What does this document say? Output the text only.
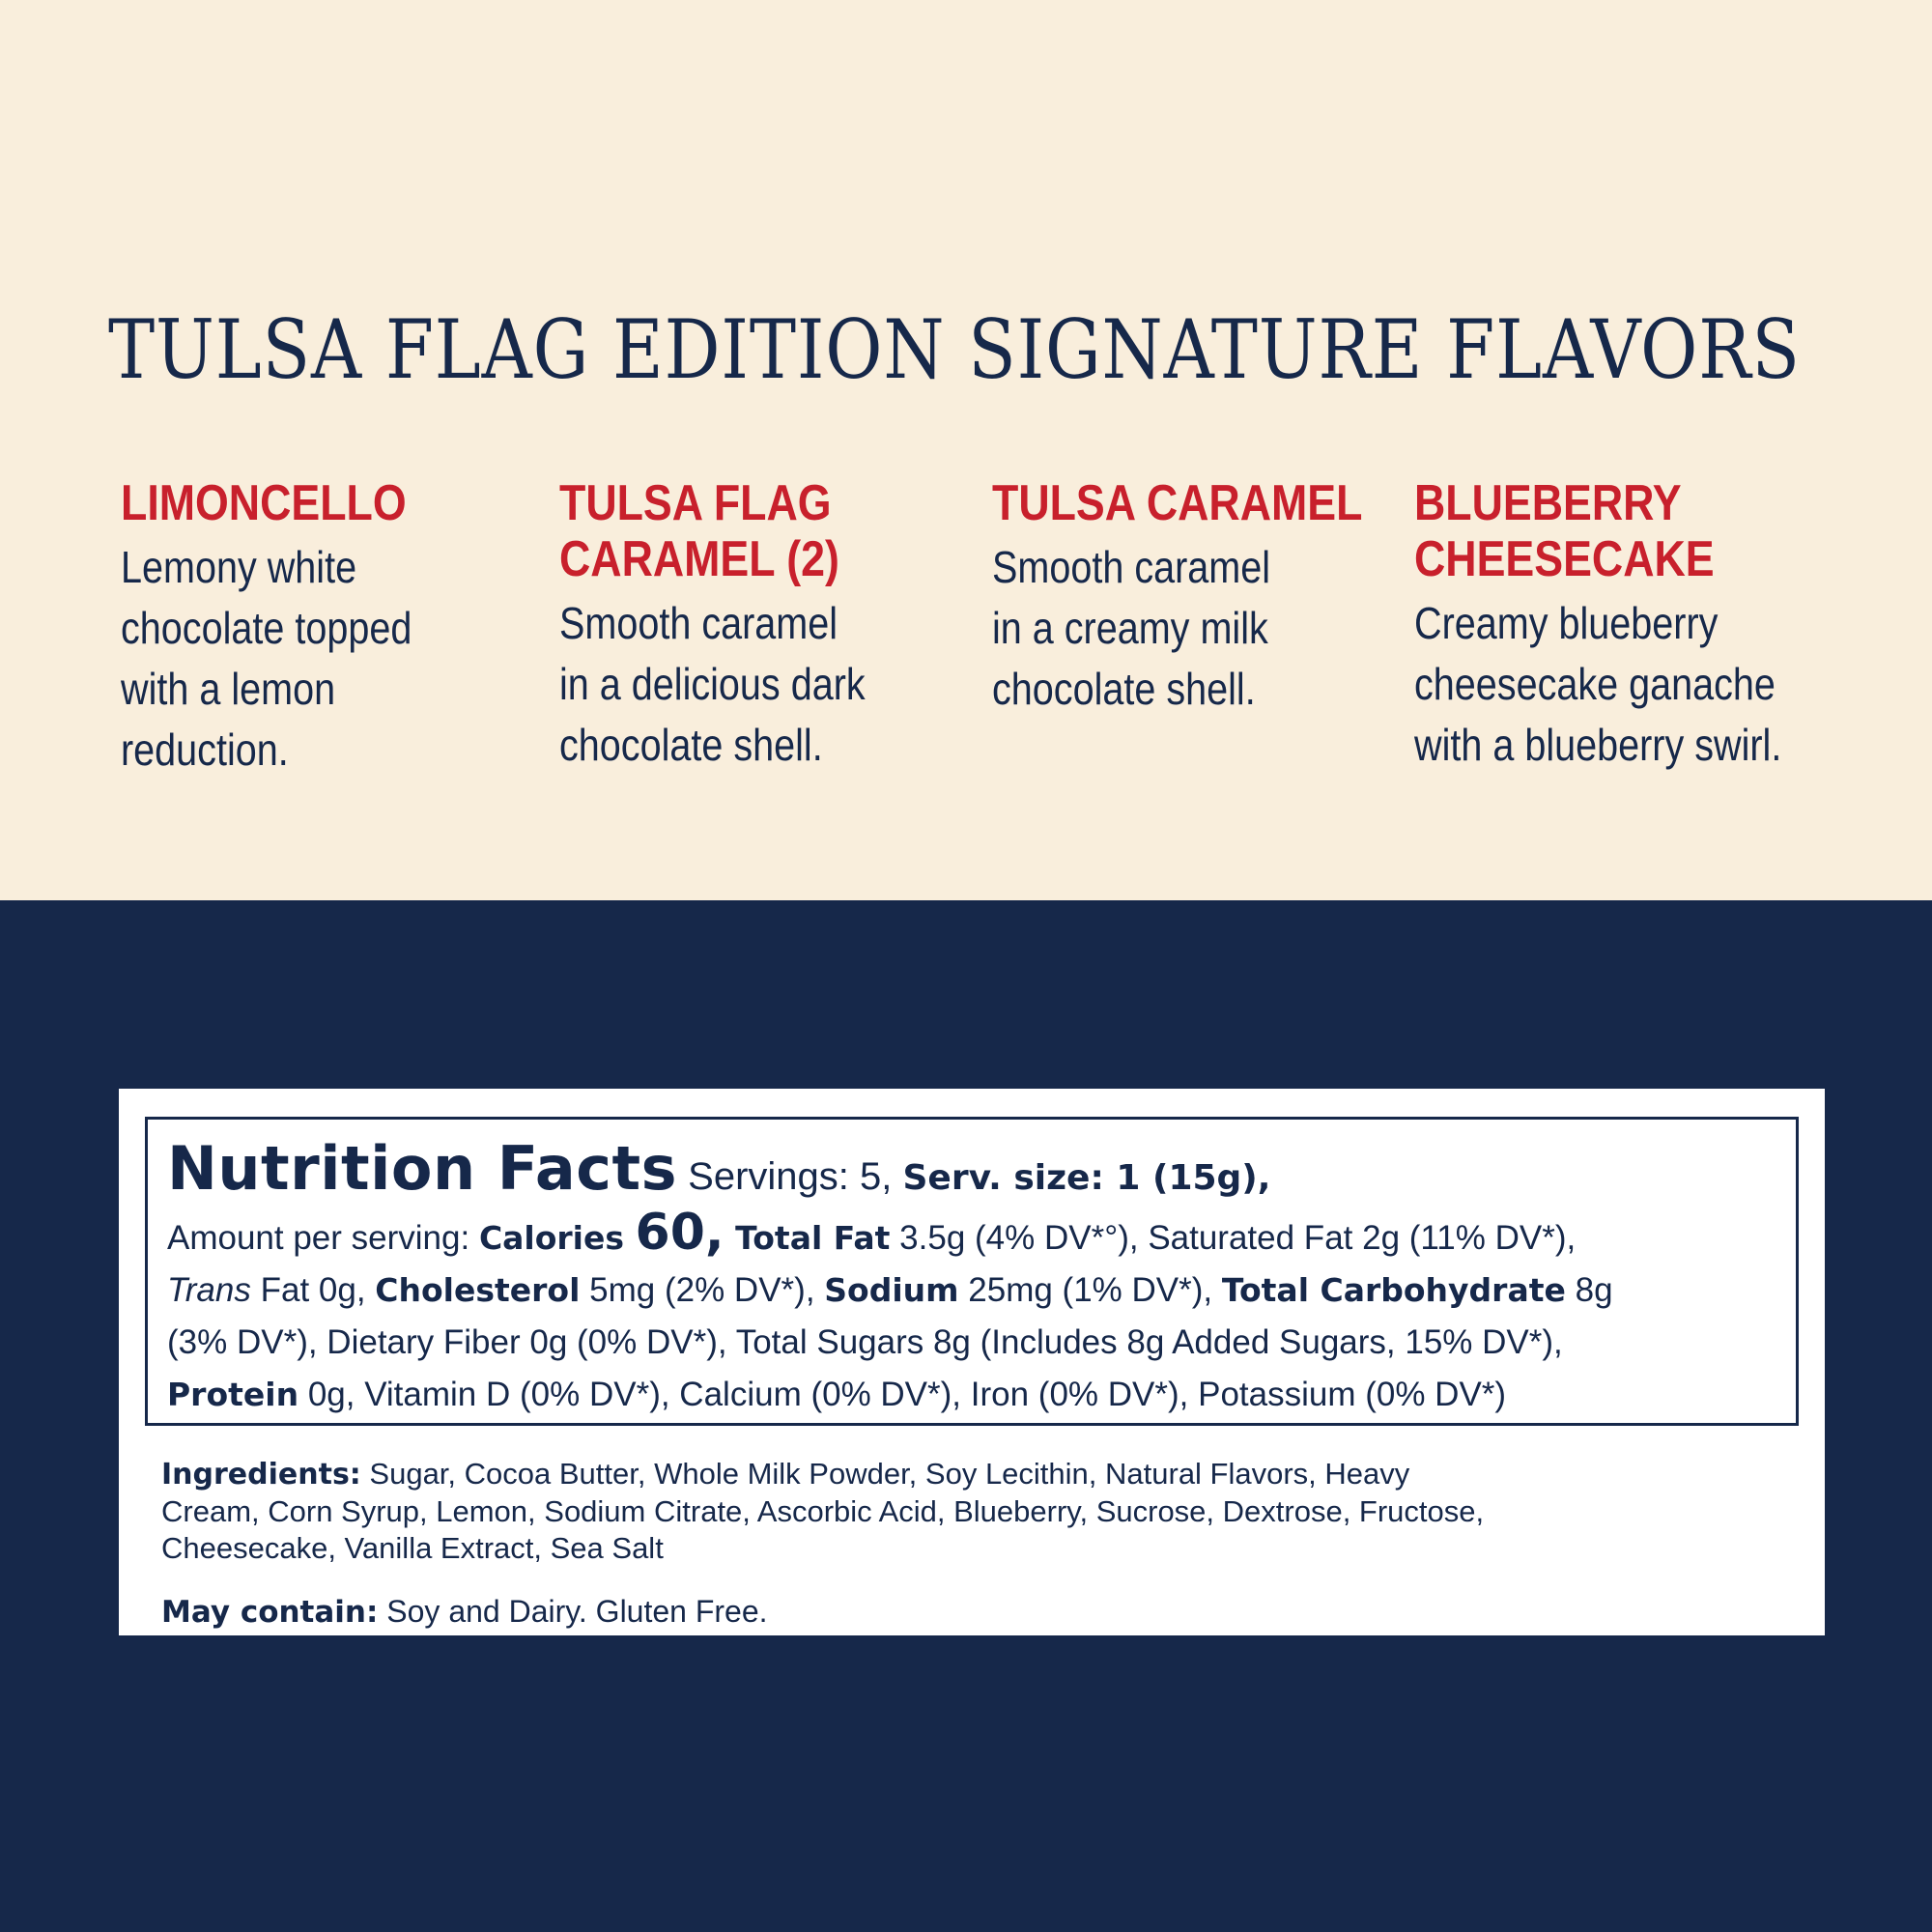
TULSA FLAG EDITION SIGNATURE FLAVORS
LIMONCELLO
Lemony white
chocolate topped
with a lemon
reduction.
TULSA FLAG
CARAMEL (2)
Smooth caramel
in a delicious dark
chocolate shell.
TULSA CARAMEL
Smooth caramel
in a creamy milk
chocolate shell.
BLUEBERRY
CHEESECAKE
Creamy blueberry
cheesecake ganache
with a blueberry swirl.
Nutrition Facts Servings: 5, Serv. size: 1 (15g),
Amount per serving: Calories 60, Total Fat 3.5g (4% DV*°), Saturated Fat 2g (11% DV*),
Trans Fat 0g, Cholesterol 5mg (2% DV*), Sodium 25mg (1% DV*), Total Carbohydrate 8g
(3% DV*), Dietary Fiber 0g (0% DV*), Total Sugars 8g (Includes 8g Added Sugars, 15% DV*),
Protein 0g, Vitamin D (0% DV*), Calcium (0% DV*), Iron (0% DV*), Potassium (0% DV*)
Ingredients: Sugar, Cocoa Butter, Whole Milk Powder, Soy Lecithin, Natural Flavors, Heavy
Cream, Corn Syrup, Lemon, Sodium Citrate, Ascorbic Acid, Blueberry, Sucrose, Dextrose, Fructose,
Cheesecake, Vanilla Extract, Sea Salt
May contain: Soy and Dairy. Gluten Free.
